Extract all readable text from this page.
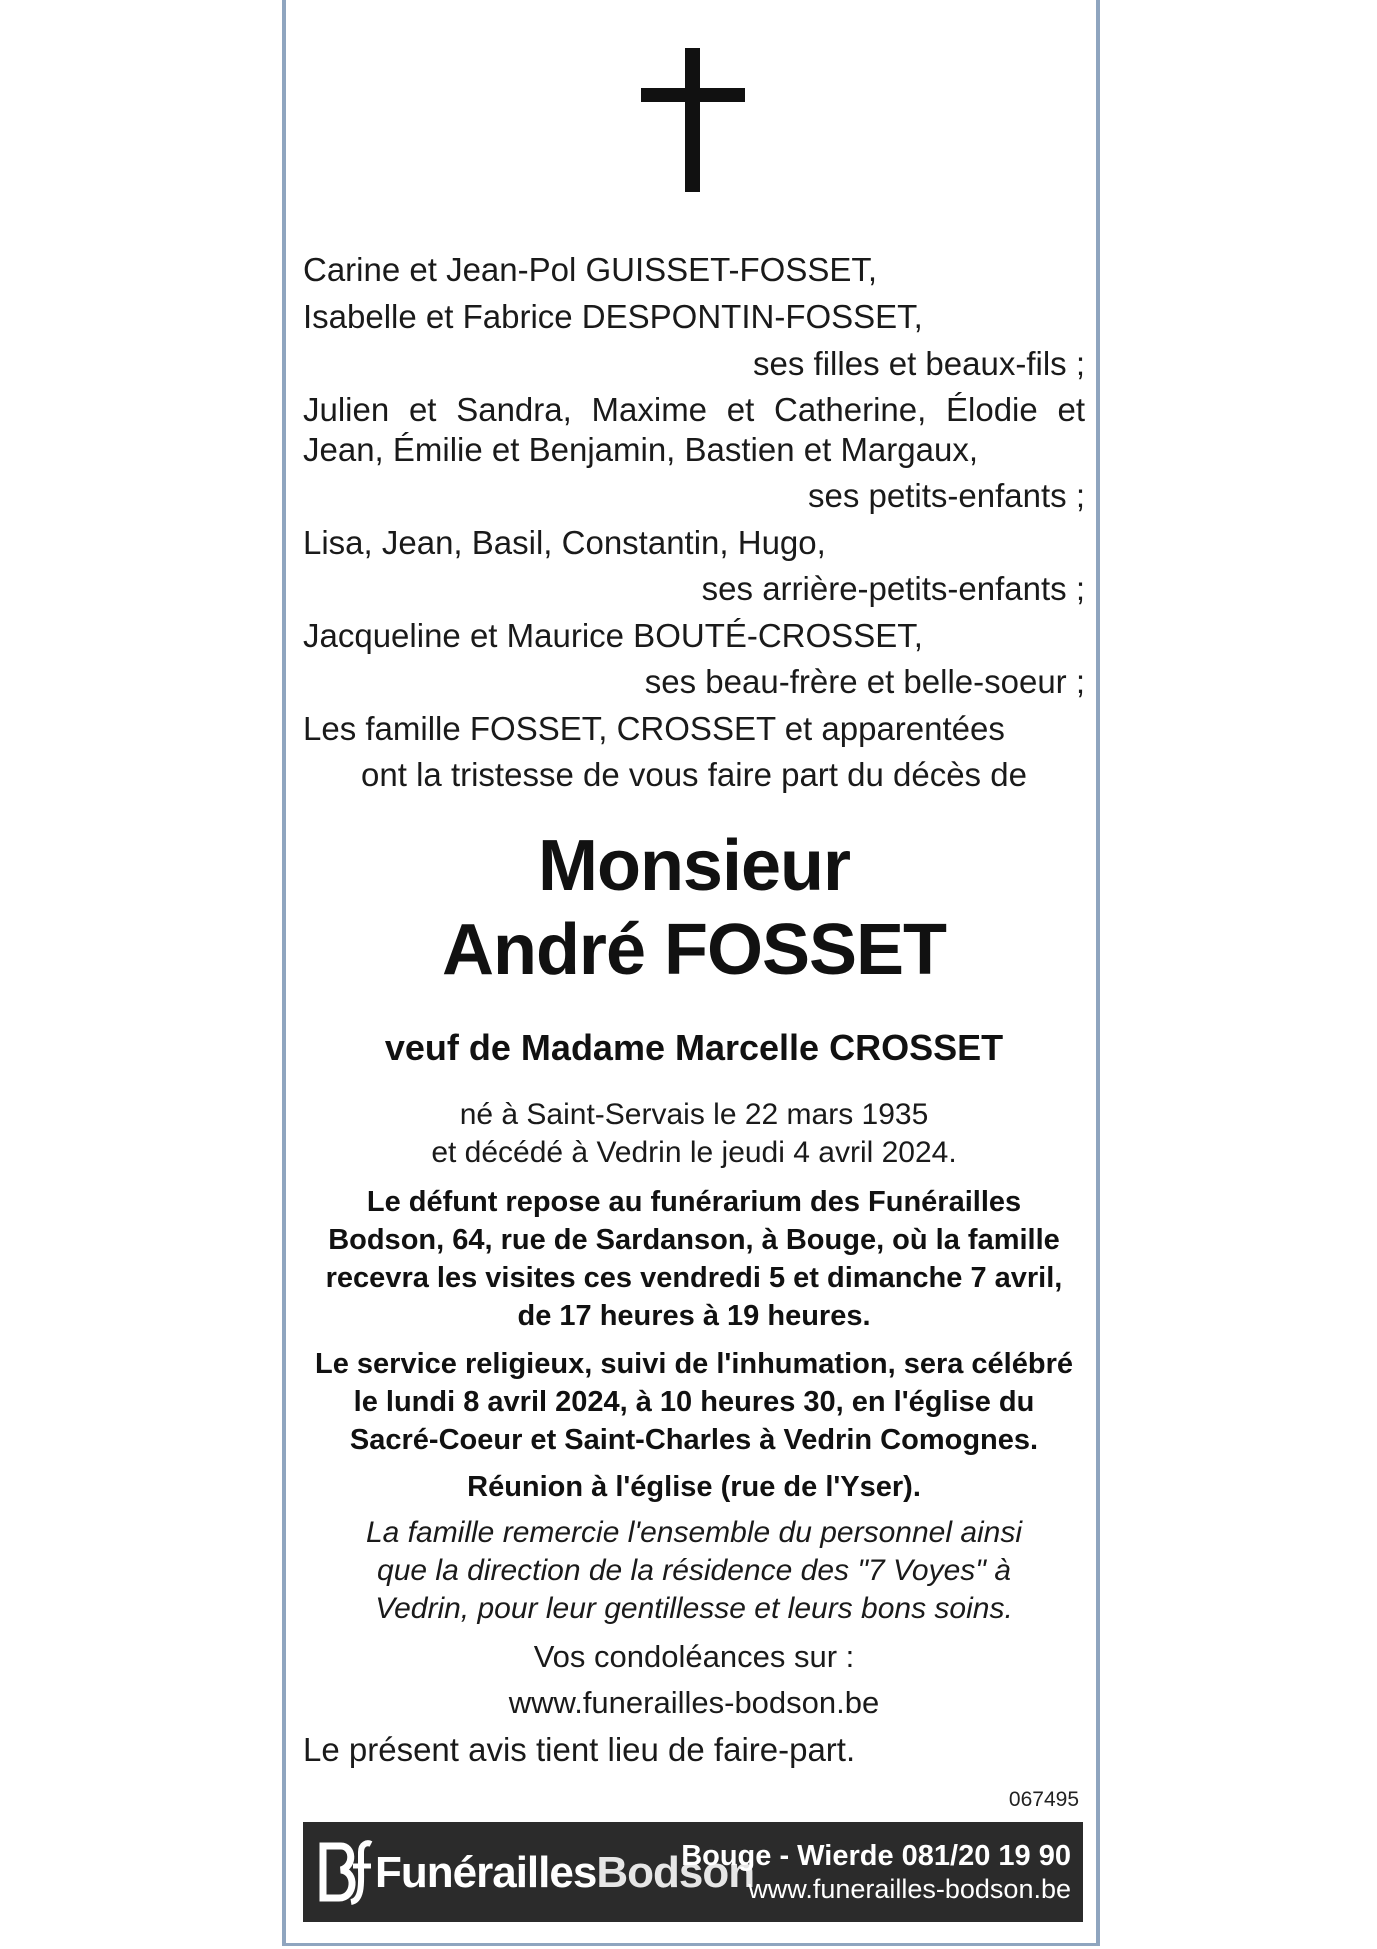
Carine et Jean-Pol GUISSET-FOSSET,
Isabelle et Fabrice DESPONTIN-FOSSET,
ses filles et beaux-fils ;
Julien et Sandra, Maxime et Catherine, Élodie et
Jean, Émilie et Benjamin, Bastien et Margaux,
ses petits-enfants ;
Lisa, Jean, Basil, Constantin, Hugo,
ses arrière-petits-enfants ;
Jacqueline et Maurice BOUTÉ-CROSSET,
ses beau-frère et belle-soeur ;
Les famille FOSSET, CROSSET et apparentées
ont la tristesse de vous faire part du décès de
Monsieur
André FOSSET
veuf de Madame Marcelle CROSSET
né à Saint-Servais le 22 mars 1935
et décédé à Vedrin le jeudi 4 avril 2024.
Le défunt repose au funérarium des Funérailles
Bodson, 64, rue de Sardanson, à Bouge, où la famille
recevra les visites ces vendredi 5 et dimanche 7 avril,
de 17 heures à 19 heures.
Le service religieux, suivi de l'inhumation, sera célébré
le lundi 8 avril 2024, à 10 heures 30, en l'église du
Sacré-Coeur et Saint-Charles à Vedrin Comognes.
Réunion à l'église (rue de l'Yser).
La famille remercie l'ensemble du personnel ainsi
que la direction de la résidence des "7 Voyes" à
Vedrin, pour leur gentillesse et leurs bons soins.
Vos condoléances sur :
www.funerailles-bodson.be
Le présent avis tient lieu de faire-part.
067495
FunéraillesBodson
Bouge - Wierde 081/20 19 90
www.funerailles-bodson.be
